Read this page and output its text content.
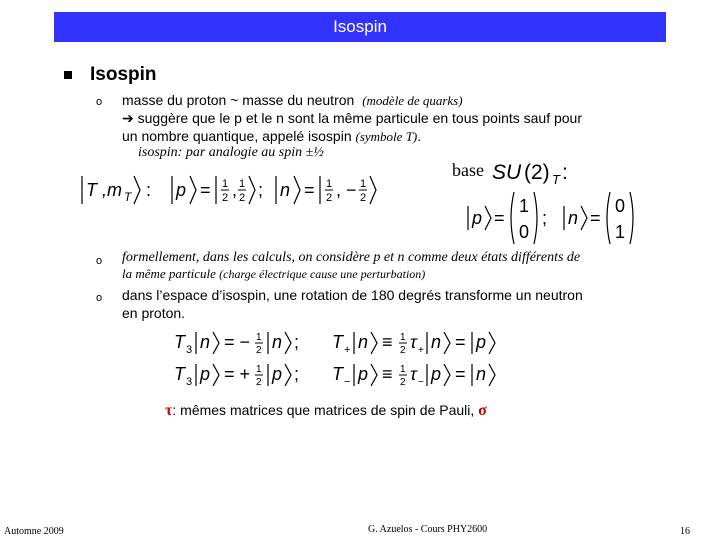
Isospin
Isospin
o masse du proton ~ masse du neutron (modèle de quarks)
➔ suggère que le p et le n sont la même particule en tous points sauf pour
un nombre quantique, appelé isospin (symbole T).
isospin: par analogie au spin ±½
T ,m T : p = 1
2 , 1
2 ; n = 1
2 , − 1
2
base SU (2) T :
p =
1
0
; n =
0
1
o formellement, dans les calculs, on considère p et n comme deux états différents de
la même particule (charge électrique cause une perturbation)
o dans l’espace d’isospin, une rotation de 180 degrés transforme un neutron
en proton.
T 3 n = − 1
2 n ; T + n ≡ 1
2 τ + n = p
T 3 p = + 1
2 p ; T − p ≡ 1
2 τ − p = n
τ: mêmes matrices que matrices de spin de Pauli, σ
Automne 2009	G. Azuelos - Cours PHY2600	16
